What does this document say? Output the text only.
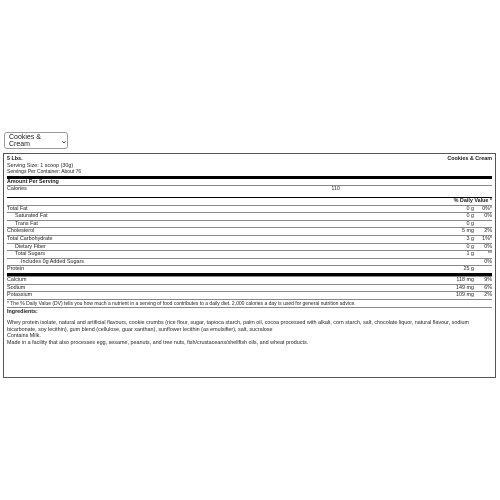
Cookies & Cream	⌄
5 Lbs.	Cookies & Cream
Serving Size: 1 scoop (30g)
Servings Per Container: About 76
Amount Per Serving
Calories	110
% Daily Value *
Total Fat	0 g	0%*
Saturated Fat	0 g	0%
Trans Fat	0 g
Cholesterol	5 mg	2%
Total Carbohydrate	3 g	1%*
Dietary Fiber	0 g	0%
Total Sugars	1 g	**
Includes 0g Added Sugars	0%
Protein	25 g
Calcium	118 mg	9%
Sodium	149 mg	6%
Potassium	109 mg	2%
* The % Daily Value (DV) tells you how much a nutrient in a serving of food contributes to a daily diet. 2,000 calories a day is used for general nutrition advice.
Ingredients:
Whey protein isolate, natural and artificial flavours, cookie crumbs (rice flour, sugar, tapioca starch, palm oil, cocoa processed with alkali, corn starch, salt, chocolate liquor, natural flavour, sodium bicarbonate, soy lecithin), gum blend (cellulose, guar xanthan), sunflower lecithin (as emulsifier), salt, sucralose
Contains Milk.
Made in a facility that also processes egg, sesame, peanuts, and tree nuts, fish/crustaceans/shellfish oils, and wheat products.
